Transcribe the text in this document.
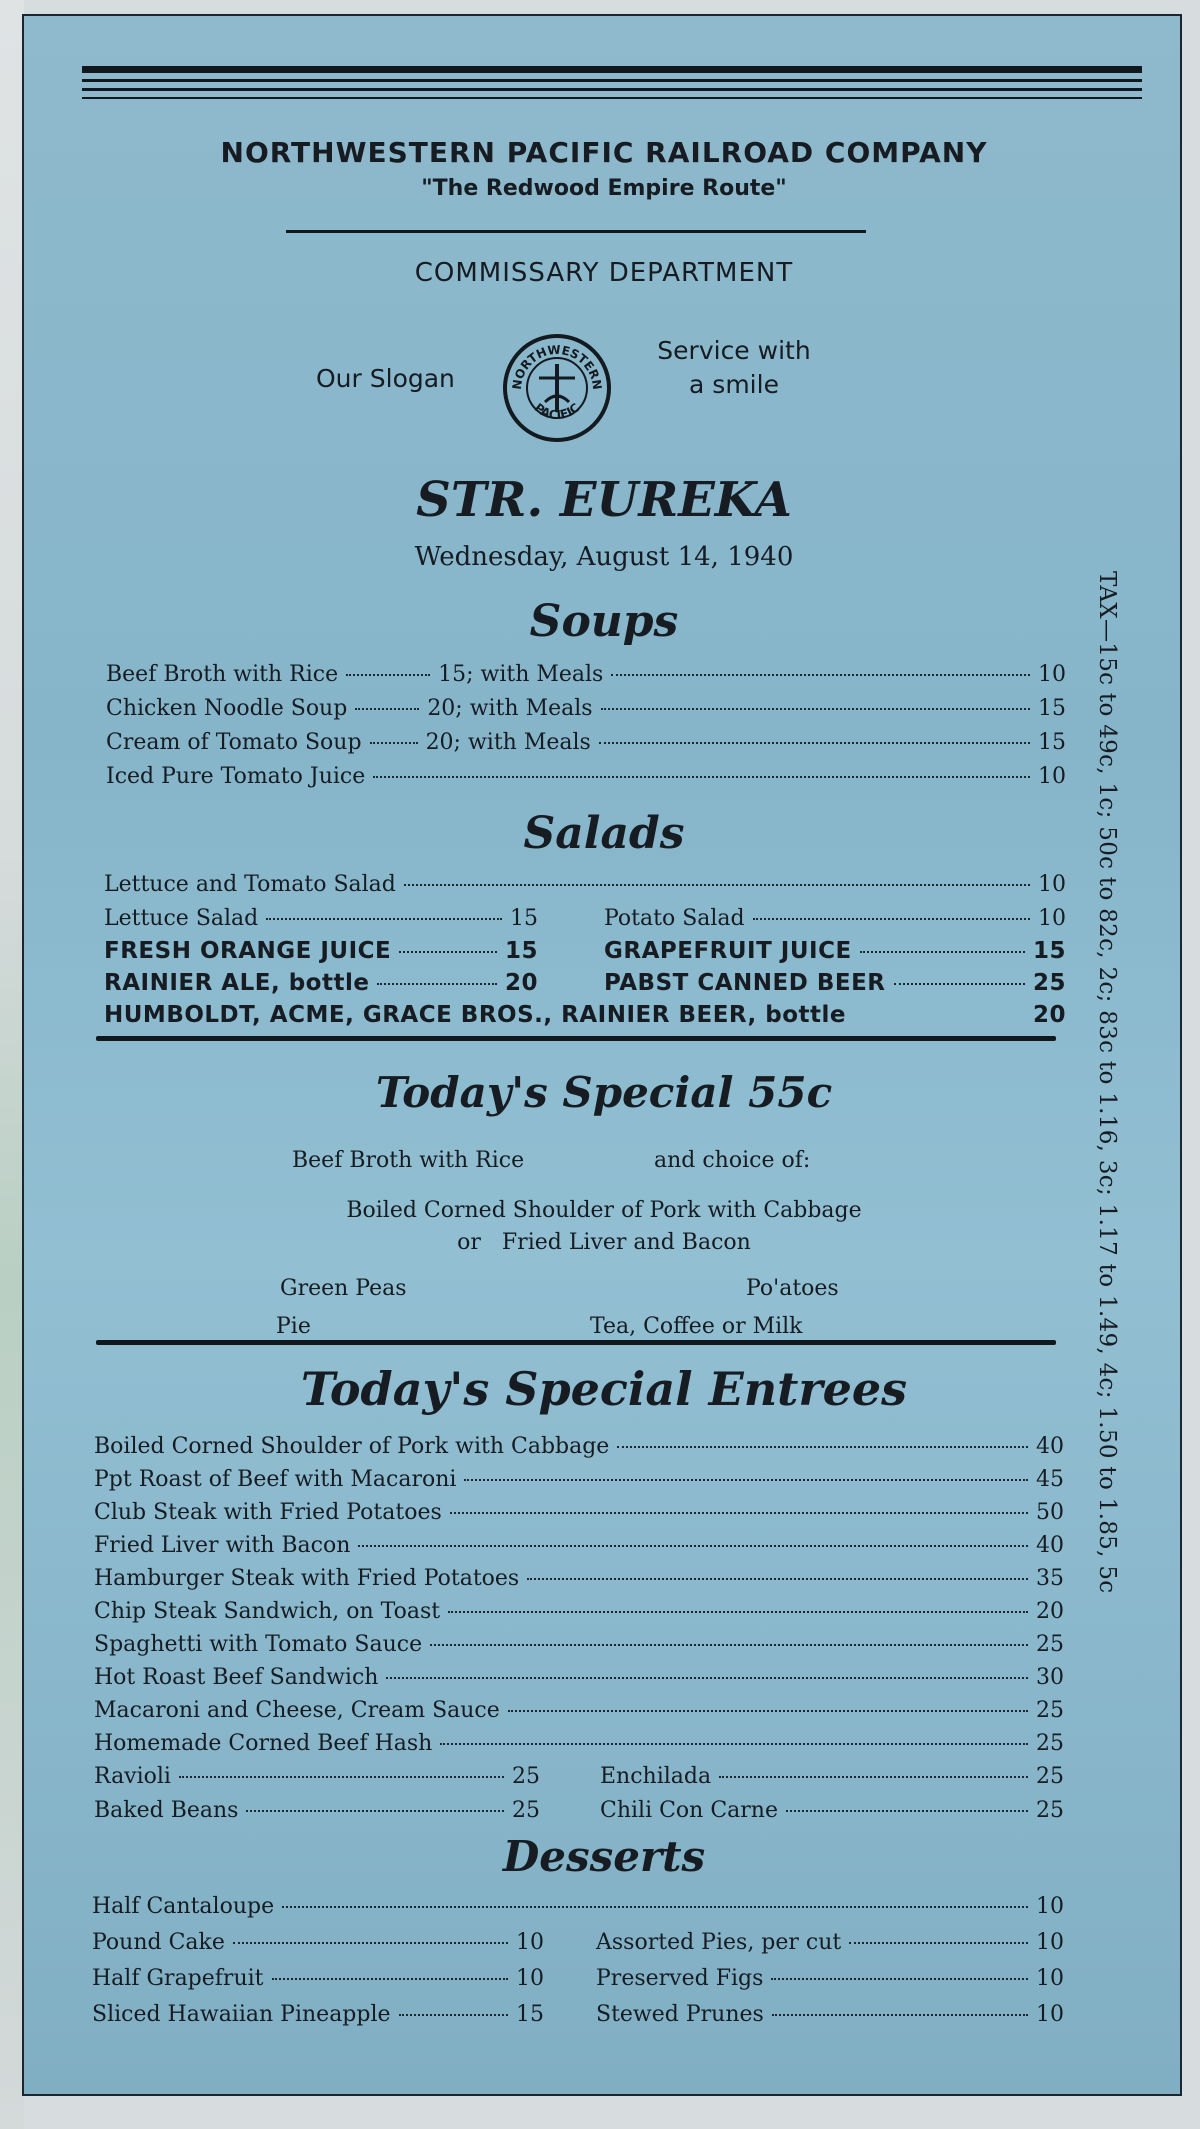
NORTHWESTERN PACIFIC RAILROAD COMPANY
"The Redwood Empire Route"
COMMISSARY DEPARTMENT
Our Slogan	NORTHWESTERN
PACIFIC
Service with
a smile
STR. EUREKA
Wednesday, August 14, 1940
Soups
Beef Broth with Rice	15; with Meals	10
Chicken Noodle Soup	20; with Meals	15
Cream of Tomato Soup	20; with Meals	15
Iced Pure Tomato Juice	10
Salads
Lettuce and Tomato Salad	10
Lettuce Salad	15	Potato Salad	10
FRESH ORANGE JUICE	15	GRAPEFRUIT JUICE	15
RAINIER ALE, bottle	20	PABST CANNED BEER	25
HUMBOLDT, ACME, GRACE BROS., RAINIER BEER, bottle	20
Today's Special 55c
Beef Broth with Rice	and choice of:
Boiled Corned Shoulder of Pork with Cabbage
or   Fried Liver and Bacon
Green Peas	Po'atoes
Pie	Tea, Coffee or Milk
Today's Special Entrees
Boiled Corned Shoulder of Pork with Cabbage	40
Ppt Roast of Beef with Macaroni	45
Club Steak with Fried Potatoes	50
Fried Liver with Bacon	40
Hamburger Steak with Fried Potatoes	35
Chip Steak Sandwich, on Toast	20
Spaghetti with Tomato Sauce	25
Hot Roast Beef Sandwich	30
Macaroni and Cheese, Cream Sauce	25
Homemade Corned Beef Hash	25
Ravioli	25	Enchilada	25
Baked Beans	25	Chili Con Carne	25
Desserts
Half Cantaloupe	10
Pound Cake	10 Assorted Pies, per cut	10
Half Grapefruit	10 Preserved Figs	10
Sliced Hawaiian Pineapple	15 Stewed Prunes	10
TAX—15c to 49c, 1c; 50c to 82c, 2c; 83c to 1.16, 3c; 1.17 to 1.49, 4c; 1.50 to 1.85, 5c
